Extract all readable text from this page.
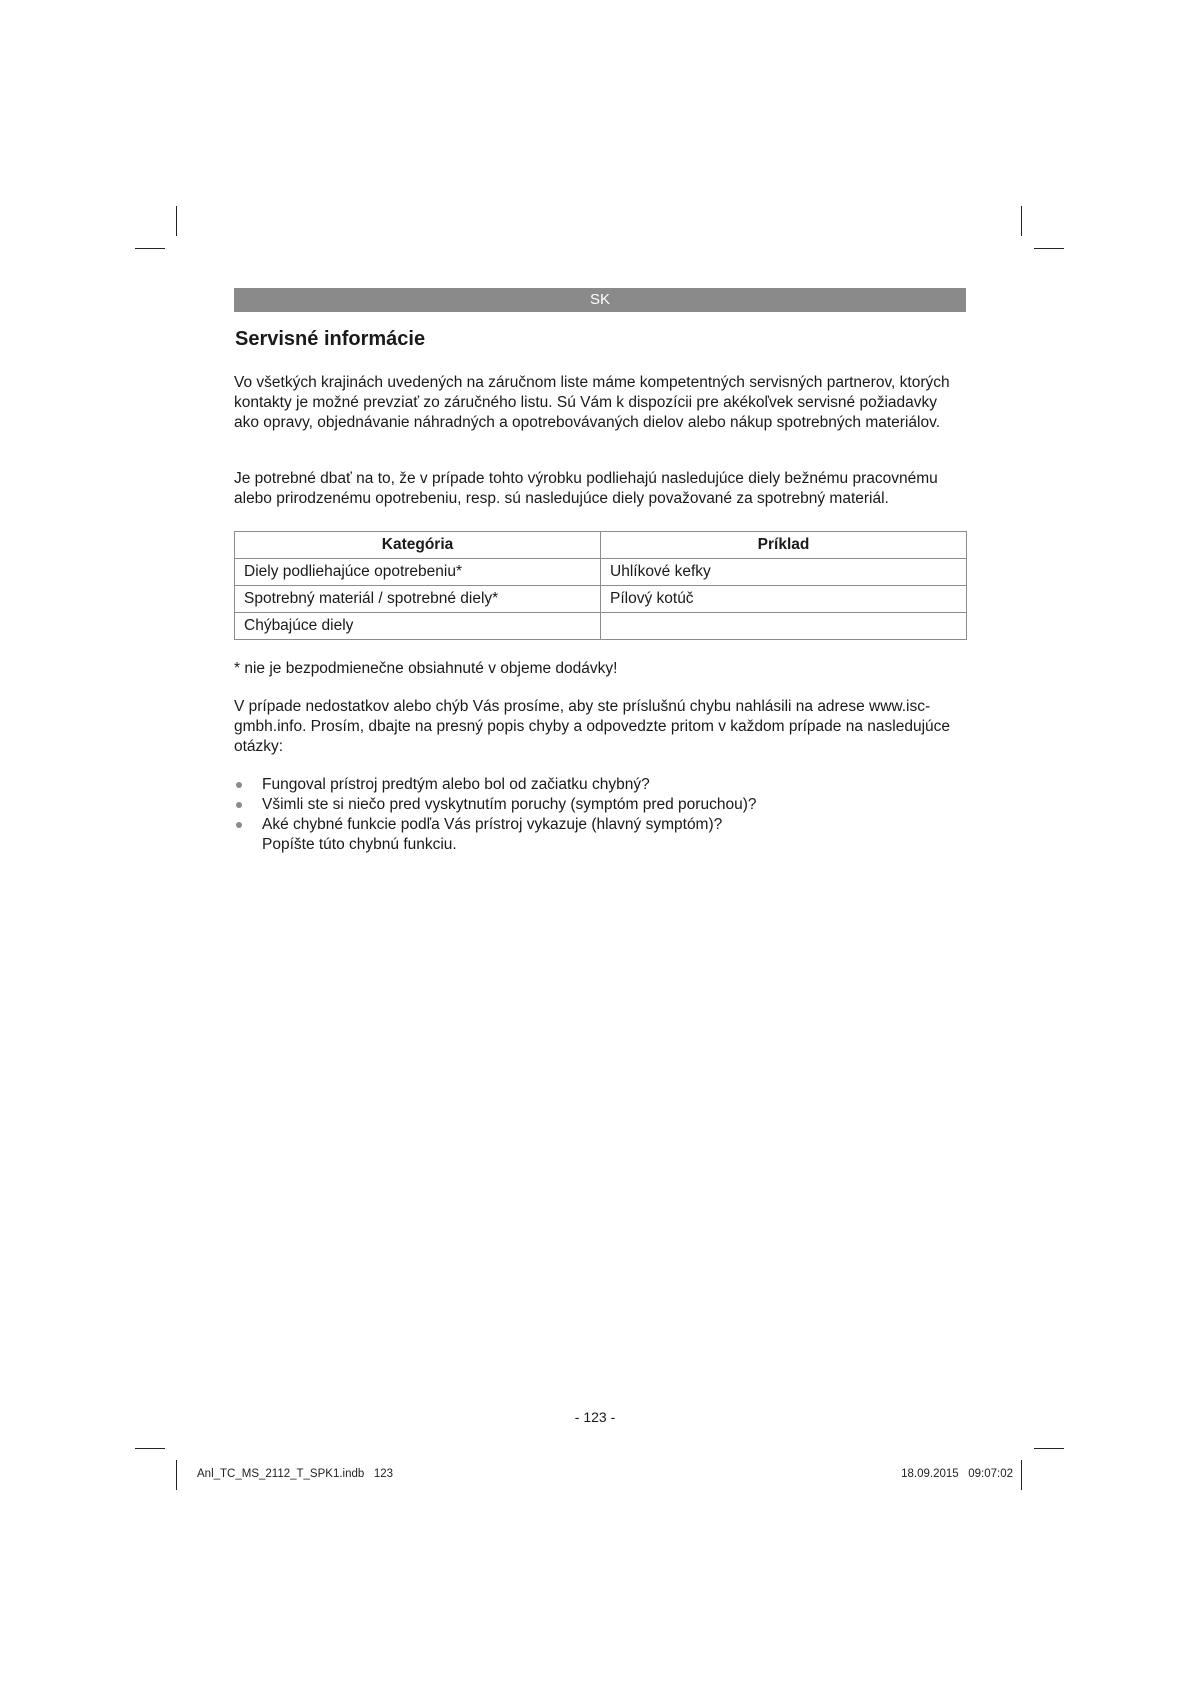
SK
Servisné informácie

Vo všetkých krajinách uvedených na záručnom liste máme kompetentných servisných partnerov, ktorých kontakty je možné prevziať zo záručného listu. Sú Vám k dispozícii pre akékoľvek servisné požiadavky ako opravy, objednávanie náhradných a opotrebovávaných dielov alebo nákup spotrebných materiálov.

Je potrebné dbať na to, že v prípade tohto výrobku podliehajú nasledujúce diely bežnému pracovnému alebo prirodzenému opotrebeniu, resp. sú nasledujúce diely považované za spotrebný materiál.

Kategória	Príklad
Diely podliehajúce opotrebeniu*	Uhlíkové kefky
Spotrebný materiál / spotrebné diely*	Pílový kotúč
Chýbajúce diely	

* nie je bezpodmienečne obsiahnuté v objeme dodávky!

V prípade nedostatkov alebo chýb Vás prosíme, aby ste príslušnú chybu nahlásili na adrese www.isc-gmbh.info. Prosím, dbajte na presný popis chyby a odpovedzte pritom v každom prípade na nasledujúce otázky:

Fungoval prístroj predtým alebo bol od začiatku chybný?
Všimli ste si niečo pred vyskytnutím poruchy (symptóm pred poruchou)?
Aké chybné funkcie podľa Vás prístroj vykazuje (hlavný symptóm)?
Popíšte túto chybnú funkciu.
- 123 -
Anl_TC_MS_2112_T_SPK1.indb   123	18.09.2015   09:07:02
